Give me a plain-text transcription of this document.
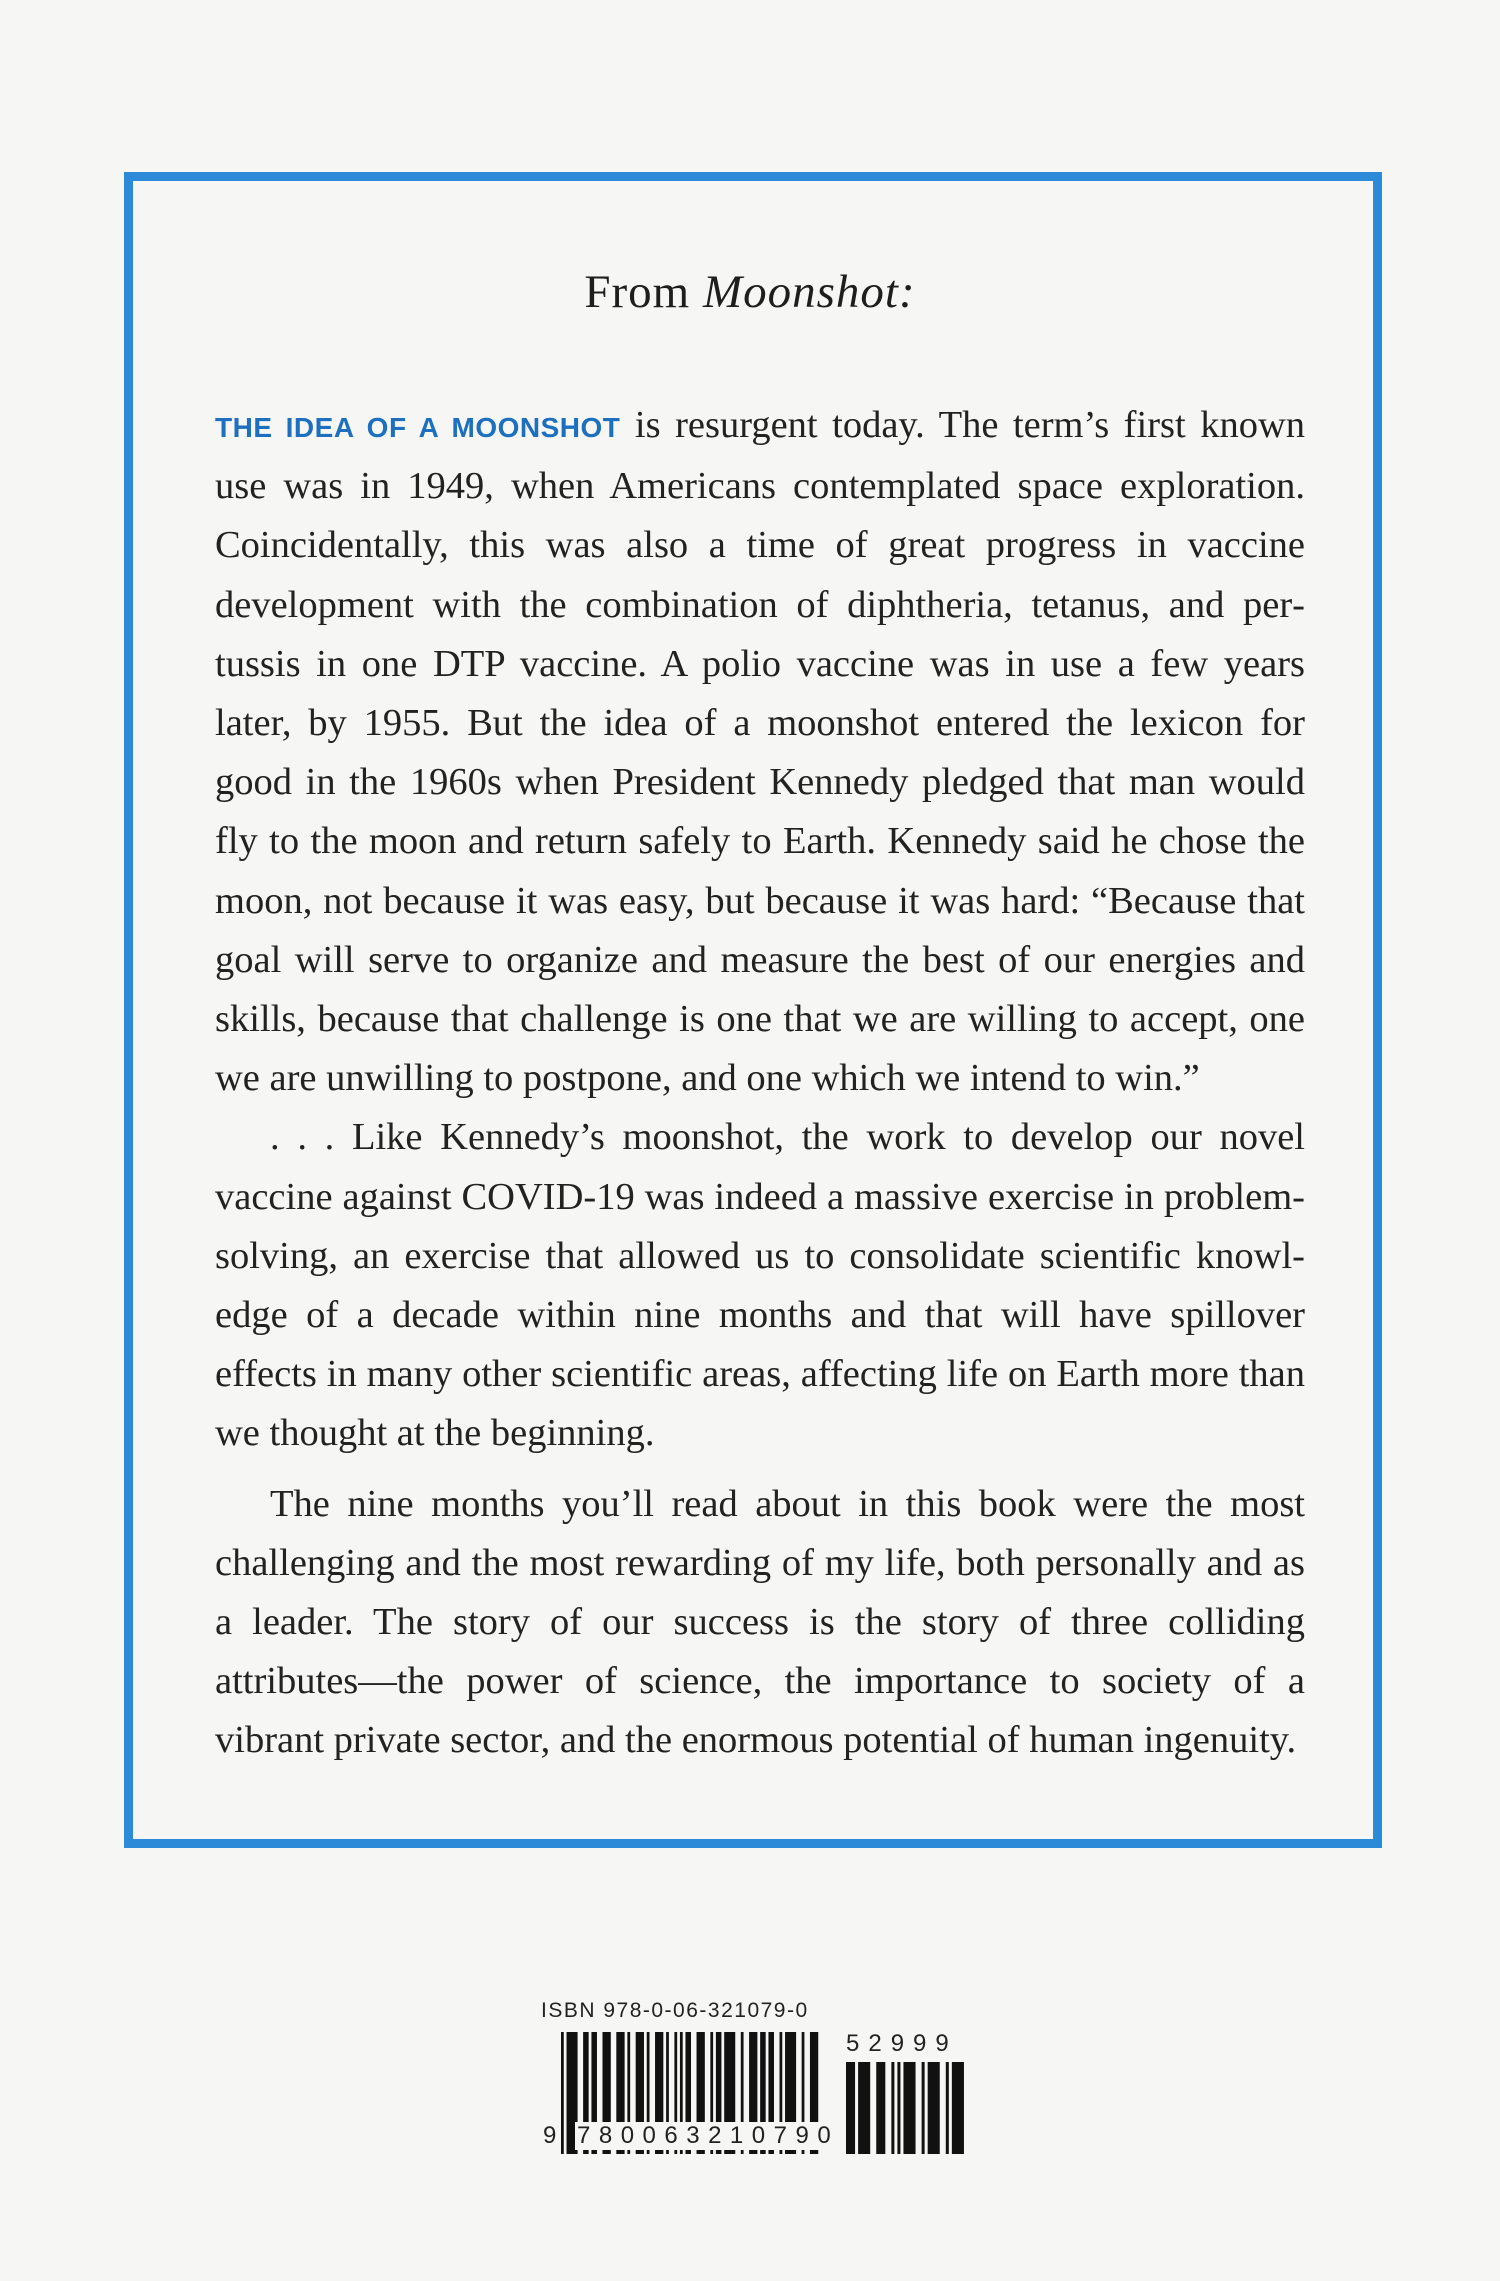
From Moonshot:

THE IDEA OF A MOONSHOT is resurgent today. The term’s first known use was in 1949, when Americans contemplated space exploration. Coincidentally, this was also a time of great progress in vaccine development with the combination of diphtheria, tetanus, and pertussis in one DTP vaccine. A polio vaccine was in use a few years later, by 1955. But the idea of a moonshot entered the lexicon for good in the 1960s when President Kennedy pledged that man would fly to the moon and return safely to Earth. Kennedy said he chose the moon, not because it was easy, but because it was hard: “Because that goal will serve to organize and measure the best of our energies and skills, because that challenge is one that we are willing to accept, one we are unwilling to postpone, and one which we intend to win.”

. . . Like Kennedy’s moonshot, the work to develop our novel vaccine against COVID-19 was indeed a massive exercise in problemsolving, an exercise that allowed us to consolidate scientific knowledge of a decade within nine months and that will have spillover effects in many other scientific areas, affecting life on Earth more than we thought at the beginning.

The nine months you’ll read about in this book were the most challenging and the most rewarding of my life, both personally and as a leader. The story of our success is the story of three colliding attributes—the power of science, the importance to society of a vibrant private sector, and the enormous potential of human ingenuity.

ISBN 978-0-06-321079-0
52999
9 780063210790
